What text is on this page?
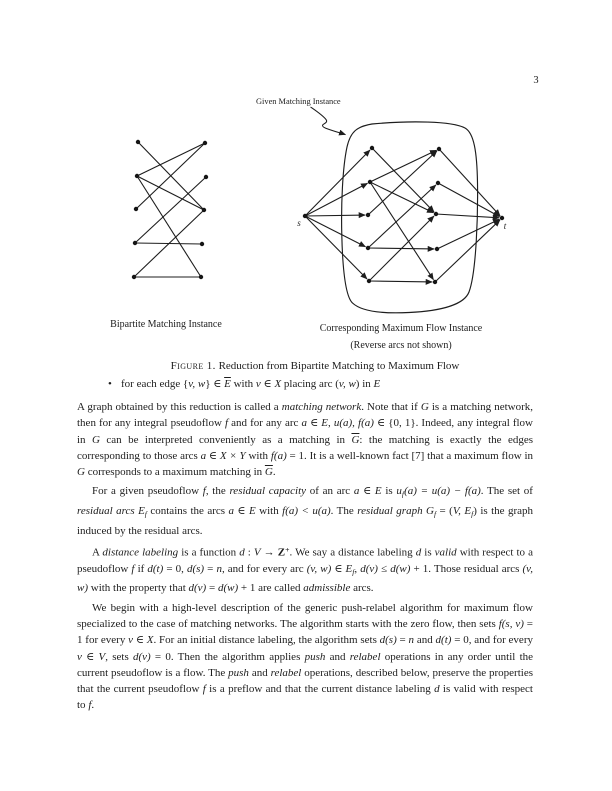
3
Given Matching Instance
s	t
Bipartite Matching Instance	Corresponding Maximum Flow Instance
(Reverse arcs not shown)
Figure 1. Reduction from Bipartite Matching to Maximum Flow
• for each edge {v, w} ∈ $\overline{E}$ with v ∈ X placing arc (v, w) in E

A graph obtained by this reduction is called a matching network. Note that if G is a matching network, then for any integral pseudoflow f and for any arc a ∈ E, u(a), f(a) ∈ {0, 1}. Indeed, any integral flow in G can be interpreted conveniently as a matching in $\overline{G}$: the matching is exactly the edges corresponding to those arcs a ∈ X × Y with f(a) = 1. It is a well-known fact [7] that a maximum flow in G corresponds to a maximum matching in $\overline{G}$.

For a given pseudoflow f, the residual capacity of an arc a ∈ E is $u_f(a) = u(a) - f(a)$. The set of residual arcs $E_f$ contains the arcs a ∈ E with f(a) < u(a). The residual graph $G_f = (V$, $E_f$) is the graph induced by the residual arcs.

A distance labeling is a function d : V → Z+. We say a distance labeling d is valid with respect to a pseudoflow f if d(t) = 0, d(s) = n, and for every arc (v, w) ∈ $E_f$, d(v) ≤ d(w) + 1. Those residual arcs (v, w) with the property that d(v) = d(w) + 1 are called admissible arcs.

We begin with a high-level description of the generic push-relabel algorithm for maximum flow specialized to the case of matching networks. The algorithm starts with the zero flow, then sets f(s, v) = 1 for every v ∈ X. For an initial distance labeling, the algorithm sets d(s) = n and d(t) = 0, and for every v ∈ V, sets d(v) = 0. Then the algorithm applies push and relabel operations in any order until the current pseudoflow is a flow. The push and relabel operations, described below, preserve the properties that the current pseudoflow f is a preflow and that the current distance labeling d is valid with respect to f.
